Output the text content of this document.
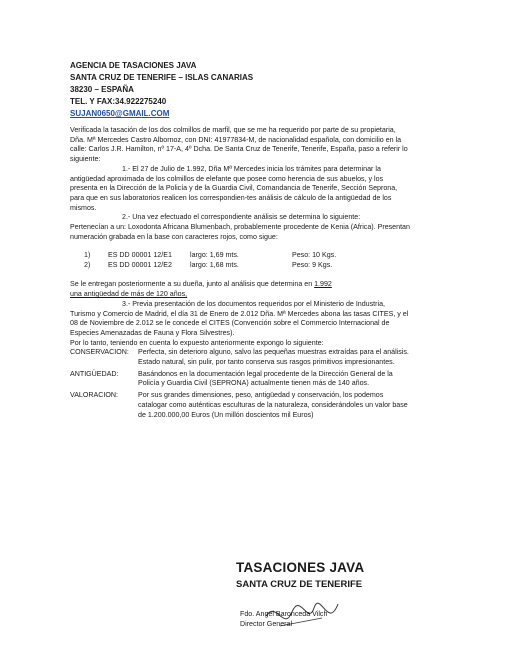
AGENCIA DE TASACIONES JAVA
SANTA CRUZ DE TENERIFE – ISLAS CANARIAS
38230 – ESPAÑA
TEL. Y FAX:34.922275240
SUJAN0650@GMAIL.COM

Verificada la tasación de los dos colmillos de marfil, que se me ha requerido por parte de su propietaria, Dña. Mª Mercedes Castro Albornoz, con DNI: 41977834-M, de nacionalidad española, con domicilio en la calle: Carlos J.R. Hamilton, nº 17-A, 4º Dcha. De Santa Cruz de Tenerife, Tenerife, España, paso a referir lo siguiente:

1.- El 27 de Julio de 1.992, Dña Mª Mercedes inicia los trámites para determinar la antigüedad aproximada de los colmillos de elefante que posee como herencia de sus abuelos, y los presenta en la Dirección de la Policía y de la Guardia Civil, Comandancia de Tenerife, Sección Seprona, para que en sus laboratorios realicen los correspondien-tes análisis de cálculo de la antigüedad de los mismos.

2.- Una vez efectuado el correspondiente análisis se determina lo siguiente:

Pertenecían a un: Loxodonta Africana Blumenbach, probablemente procedente de Kenia (Africa). Presentan numeración grabada en la base con caracteres rojos, como sigue:

1) ES DD 00001 12/E1	largo: 1,69 mts.	Peso: 10 Kgs.
2) ES DD 00001 12/E2	largo: 1,68 mts.	Peso: 9 Kgs.

Se le entregan posteriormente a su dueña, junto al análisis que determina en 1.992
una antigüedad de más de 120 años,

3.- Previa presentación de los documentos requeridos por el Ministerio de Industria, Turismo y Comercio de Madrid, el día 31 de Enero de 2.012 Dña. Mª Mercedes abona las tasas CITES, y el 08 de Noviembre de 2.012 se le concede el CITES (Convención sobre el Commercio Internacional de Especies Amenazadas de Fauna y Flora Silvestres).

Por lo tanto, teniendo en cuenta lo expuesto anteriormente expongo lo siguiente:

CONSERVACION:	Perfecta, sin deterioro alguno, salvo las pequeñas muestras extraídas para el análisis. Estado natural, sin pulir, por tanto conserva sus rasgos primitivos impresionantes.
ANTIGÜEDAD:	Basándonos en la documentación legal procedente de la Dirección General de la Policía y Guardia Civil (SEPRONA) actualmente tienen más de 140 años.
VALORACION:	Por sus grandes dimensiones, peso, antigüedad y conservación, los podemos catalogar como auténticas esculturas de la naturaleza, considerándoles un valor base de 1.200.000,00 Euros (Un millón doscientos mil Euros)
TASACIONES JAVA
SANTA CRUZ DE TENERIFE
Fdo. Angel Baronceda Vilch
Director General
